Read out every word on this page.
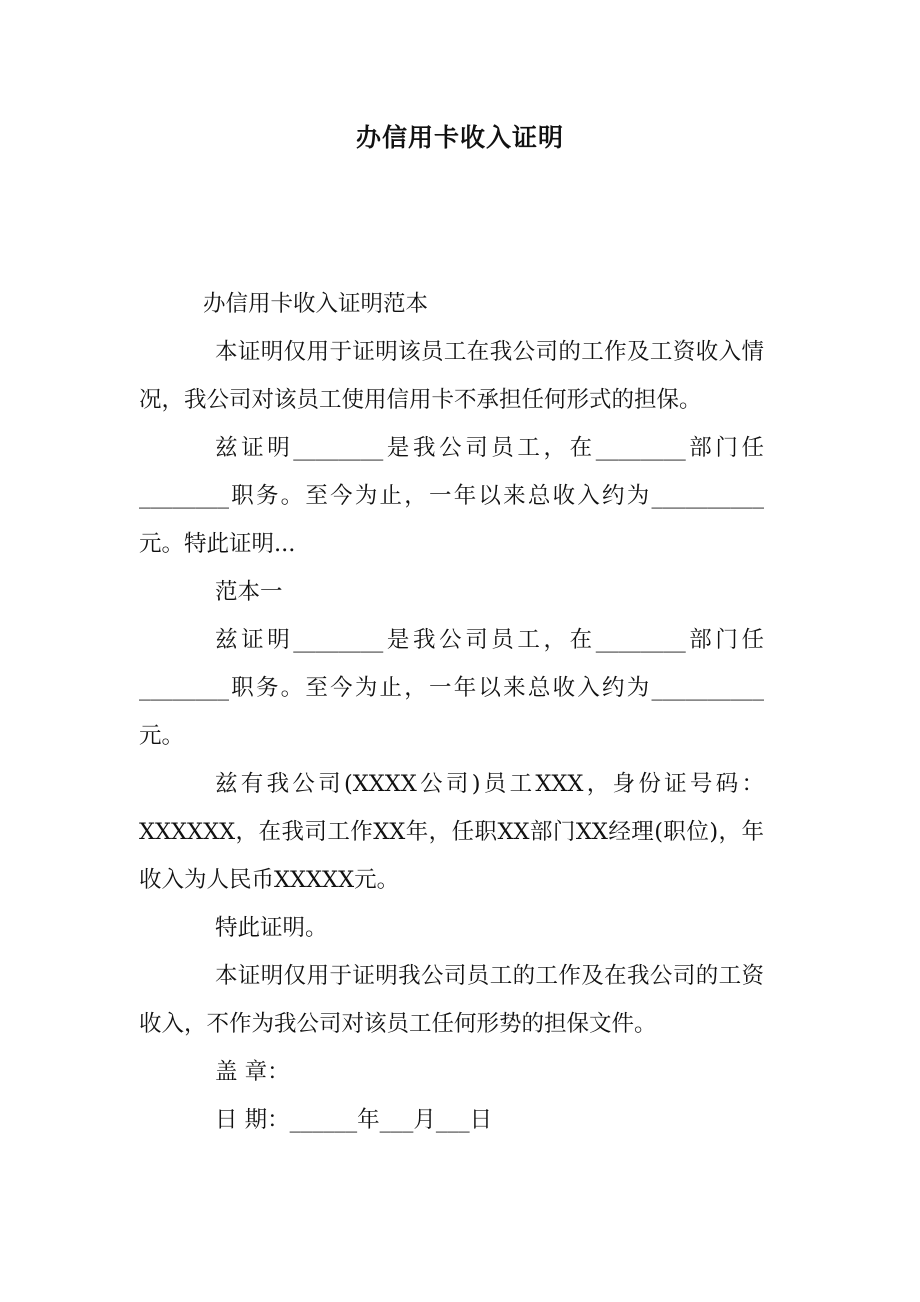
办信用卡收入证明

办信用卡收入证明范本

本证明仅用于证明该员工在我公司的工作及工资收入情况，我公司对该员工使用信用卡不承担任何形式的担保。

兹证明________是我公司员工，在________部门任________职务。至今为止，一年以来总收入约为__________元。特此证明...

范本一

兹证明________是我公司员工，在________部门任________职务。至今为止，一年以来总收入约为__________元。

兹有我公司(XXXX公司)员工XXX，身份证号码：XXXXXX，在我司工作XX年，任职XX部门XX经理(职位)，年收入为人民币XXXXX元。

特此证明。

本证明仅用于证明我公司员工的工作及在我公司的工资收入，不作为我公司对该员工任何形势的担保文件。

盖 章：

日 期：______年___月___日
